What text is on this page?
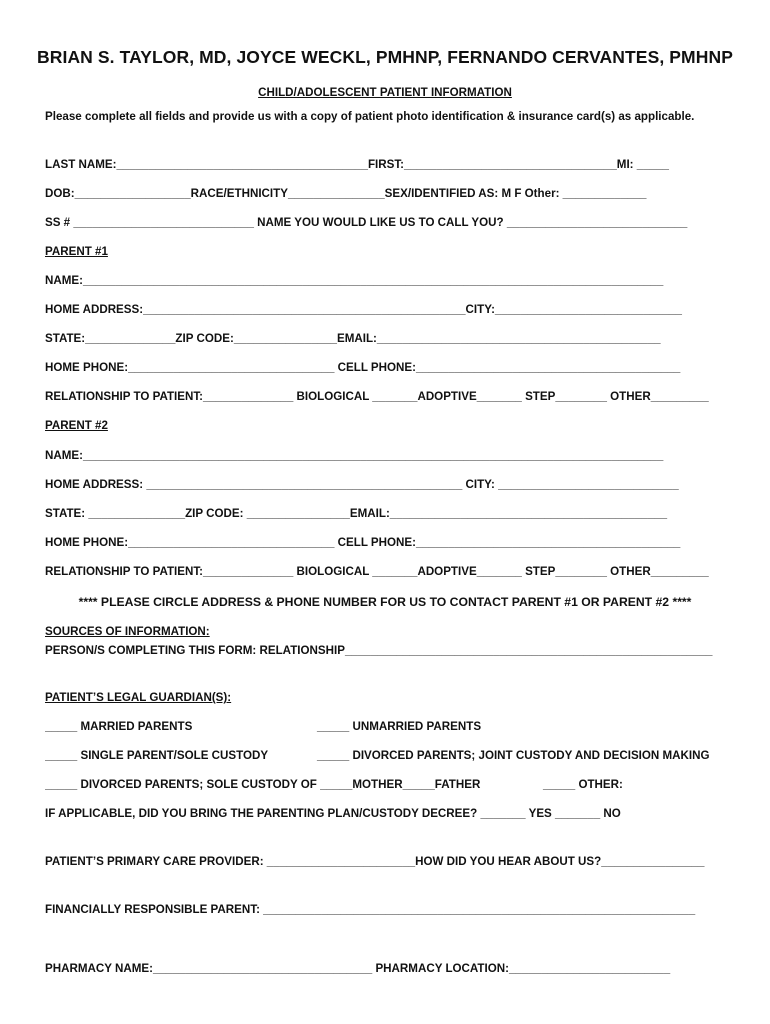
BRIAN S. TAYLOR, MD, JOYCE WECKL, PMHNP, FERNANDO CERVANTES, PMHNP
CHILD/ADOLESCENT PATIENT INFORMATION
Please complete all fields and provide us with a copy of patient photo identification & insurance card(s) as applicable.
LAST NAME:_______________________________________FIRST:_________________________________MI: _____
DOB:__________________RACE/ETHNICITY_______________SEX/IDENTIFIED AS: M F Other: _____________
SS # ____________________________ NAME YOU WOULD LIKE US TO CALL YOU? ____________________________
PARENT #1
NAME:__________________________________________________________________________________________
HOME ADDRESS:__________________________________________________CITY:_____________________________
STATE:______________ZIP CODE:________________EMAIL:____________________________________________
HOME PHONE:________________________________ CELL PHONE:_________________________________________
RELATIONSHIP TO PATIENT:______________ BIOLOGICAL _______ADOPTIVE_______ STEP________ OTHER_________
PARENT #2
NAME:__________________________________________________________________________________________
HOME ADDRESS: _________________________________________________ CITY: ____________________________
STATE: _______________ZIP CODE: ________________EMAIL:___________________________________________
HOME PHONE:________________________________ CELL PHONE:_________________________________________
RELATIONSHIP TO PATIENT:______________ BIOLOGICAL _______ADOPTIVE_______ STEP________ OTHER_________
**** PLEASE CIRCLE ADDRESS & PHONE NUMBER FOR US TO CONTACT PARENT #1 OR PARENT #2 ****
SOURCES OF INFORMATION:
PERSON/S COMPLETING THIS FORM: RELATIONSHIP_________________________________________________________
PATIENT’S LEGAL GUARDIAN(S):
_____ MARRIED PARENTS	_____ UNMARRIED PARENTS
_____ SINGLE PARENT/SOLE CUSTODY	_____ DIVORCED PARENTS; JOINT CUSTODY AND DECISION MAKING
_____ DIVORCED PARENTS; SOLE CUSTODY OF _____MOTHER_____FATHER	_____ OTHER:
IF APPLICABLE, DID YOU BRING THE PARENTING PLAN/CUSTODY DECREE? _______ YES _______ NO
PATIENT’S PRIMARY CARE PROVIDER: _______________________HOW DID YOU HEAR ABOUT US?________________
FINANCIALLY RESPONSIBLE PARENT: ___________________________________________________________________
PHARMACY NAME:__________________________________ PHARMACY LOCATION:_________________________
